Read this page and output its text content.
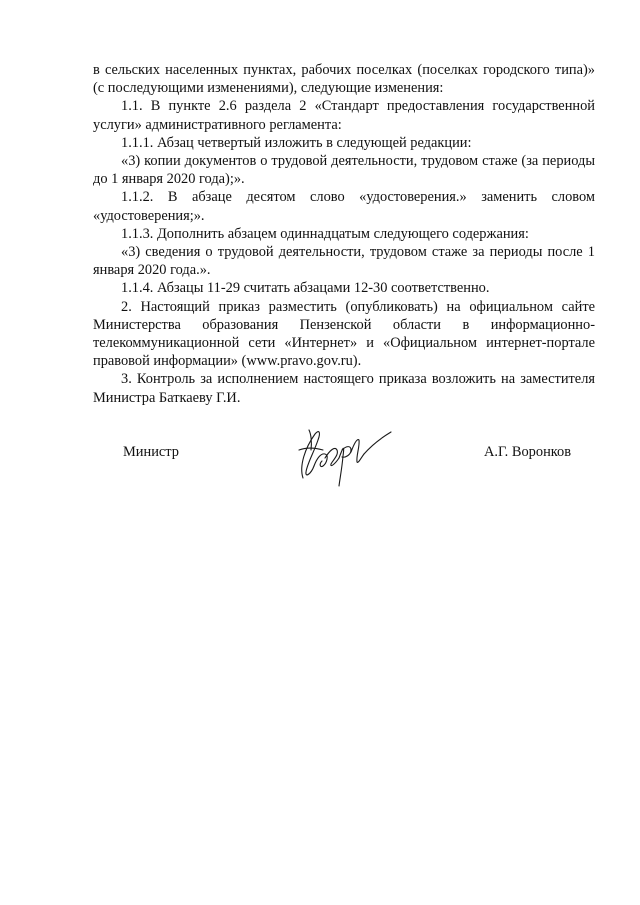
в сельских населенных пунктах, рабочих поселках (поселках городского типа)» (с последующими изменениями), следующие изменения:

1.1. В пункте 2.6 раздела 2 «Стандарт предоставления государственной услуги» административного регламента:

1.1.1. Абзац четвертый изложить в следующей редакции:

«3) копии документов о трудовой деятельности, трудовом стаже (за периоды до 1 января 2020 года);».

1.1.2. В абзаце десятом слово «удостоверения.» заменить словом «удостоверения;».

1.1.3. Дополнить абзацем одиннадцатым следующего содержания:

«3) сведения о трудовой деятельности, трудовом стаже за периоды после 1 января 2020 года.».

1.1.4. Абзацы 11-29 считать абзацами 12-30 соответственно.

2. Настоящий приказ разместить (опубликовать) на официальном сайте Министерства образования Пензенской области в информационно-телекоммуникационной сети «Интернет» и «Официальном интернет-портале правовой информации» (www.pravo.gov.ru).

3. Контроль за исполнением настоящего приказа возложить на заместителя Министра Баткаеву Г.И.

Министр	А.Г. Воронков
